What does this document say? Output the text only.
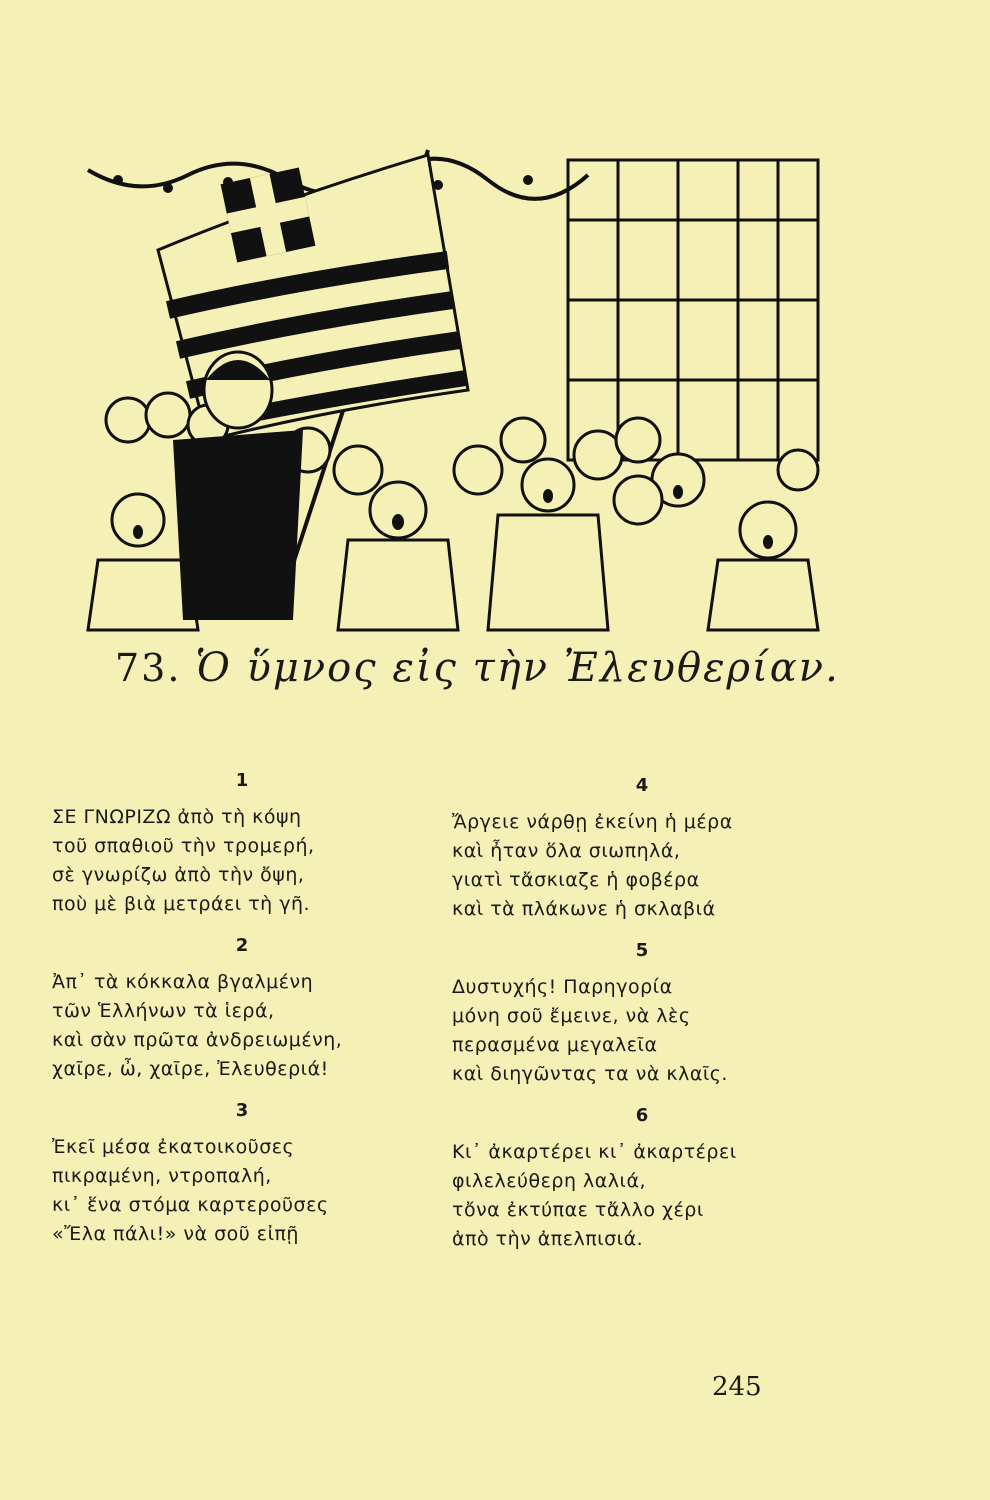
73. Ὁ ὕμνος εἰς τὴν Ἐλευθερίαν.
1
ΣΕ ΓΝΩΡΙΖΩ ἀπὸ τὴ κόψη
τοῦ σπαθιοῦ τὴν τρομερή,
σὲ γνωρίζω ἀπὸ τὴν ὄψη,
ποὺ μὲ βιὰ μετράει τὴ γῆ.
2
Ἀπ᾿ τὰ κόκκαλα βγαλμένη
τῶν Ἑλλήνων τὰ ἱερά,
καὶ σὰν πρῶτα ἀνδρειωμένη,
χαῖρε, ὦ, χαῖρε, Ἐλευθεριά!
3
Ἐκεῖ μέσα ἐκατοικοῦσες
πικραμένη, ντροπαλή,
κι᾿ ἕνα στόμα καρτεροῦσες
«Ἔλα πάλι!» νὰ σοῦ εἰπῇ
4
Ἄργειε νάρθῃ ἐκείνη ἡ μέρα
καὶ ἦταν ὅλα σιωπηλά,
γιατὶ τἄσκιαζε ἡ φοβέρα
καὶ τὰ πλάκωνε ἡ σκλαβιά
5
Δυστυχής! Παρηγορία
μόνη σοῦ ἔμεινε, νὰ λὲς
περασμένα μεγαλεῖα
καὶ διηγῶντας τα νὰ κλαῖς.
6
Κι᾿ ἀκαρτέρει κι᾿ ἀκαρτέρει
φιλελεύθερη λαλιά,
τὄνα ἐκτύπαε τἄλλο χέρι
ἀπὸ τὴν ἀπελπισιά.
245
